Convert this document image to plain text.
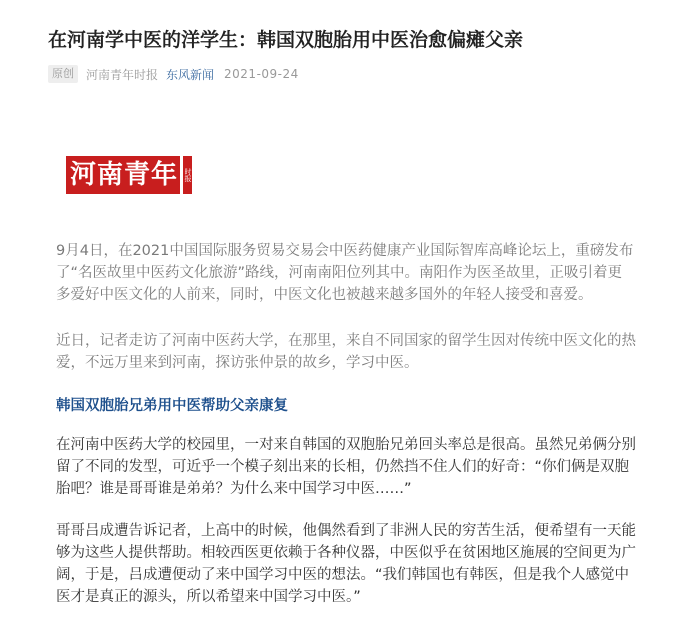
在河南学中医的洋学生：韩国双胞胎用中医治愈偏瘫父亲
原创	河南青年时报 东风新闻 2021-09-24
河南青年 时报

9月4日，在2021中国国际服务贸易交易会中医药健康产业国际智库高峰论坛上，重磅发布了“名医故里中医药文化旅游”路线，河南南阳位列其中。南阳作为医圣故里，正吸引着更多爱好中医文化的人前来，同时，中医文化也被越来越多国外的年轻人接受和喜爱。

近日，记者走访了河南中医药大学，在那里，来自不同国家的留学生因对传统中医文化的热爱，不远万里来到河南，探访张仲景的故乡，学习中医。

韩国双胞胎兄弟用中医帮助父亲康复

在河南中医药大学的校园里，一对来自韩国的双胞胎兄弟回头率总是很高。虽然兄弟俩分别留了不同的发型，可近乎一个模子刻出来的长相，仍然挡不住人们的好奇：“你们俩是双胞胎吧？谁是哥哥谁是弟弟？为什么来中国学习中医……”

哥哥吕成遭告诉记者，上高中的时候，他偶然看到了非洲人民的穷苦生活，便希望有一天能够为这些人提供帮助。相较西医更依赖于各种仪器，中医似乎在贫困地区施展的空间更为广阔，于是，吕成遭便动了来中国学习中医的想法。“我们韩国也有韩医，但是我个人感觉中医才是真正的源头，所以希望来中国学习中医。”
